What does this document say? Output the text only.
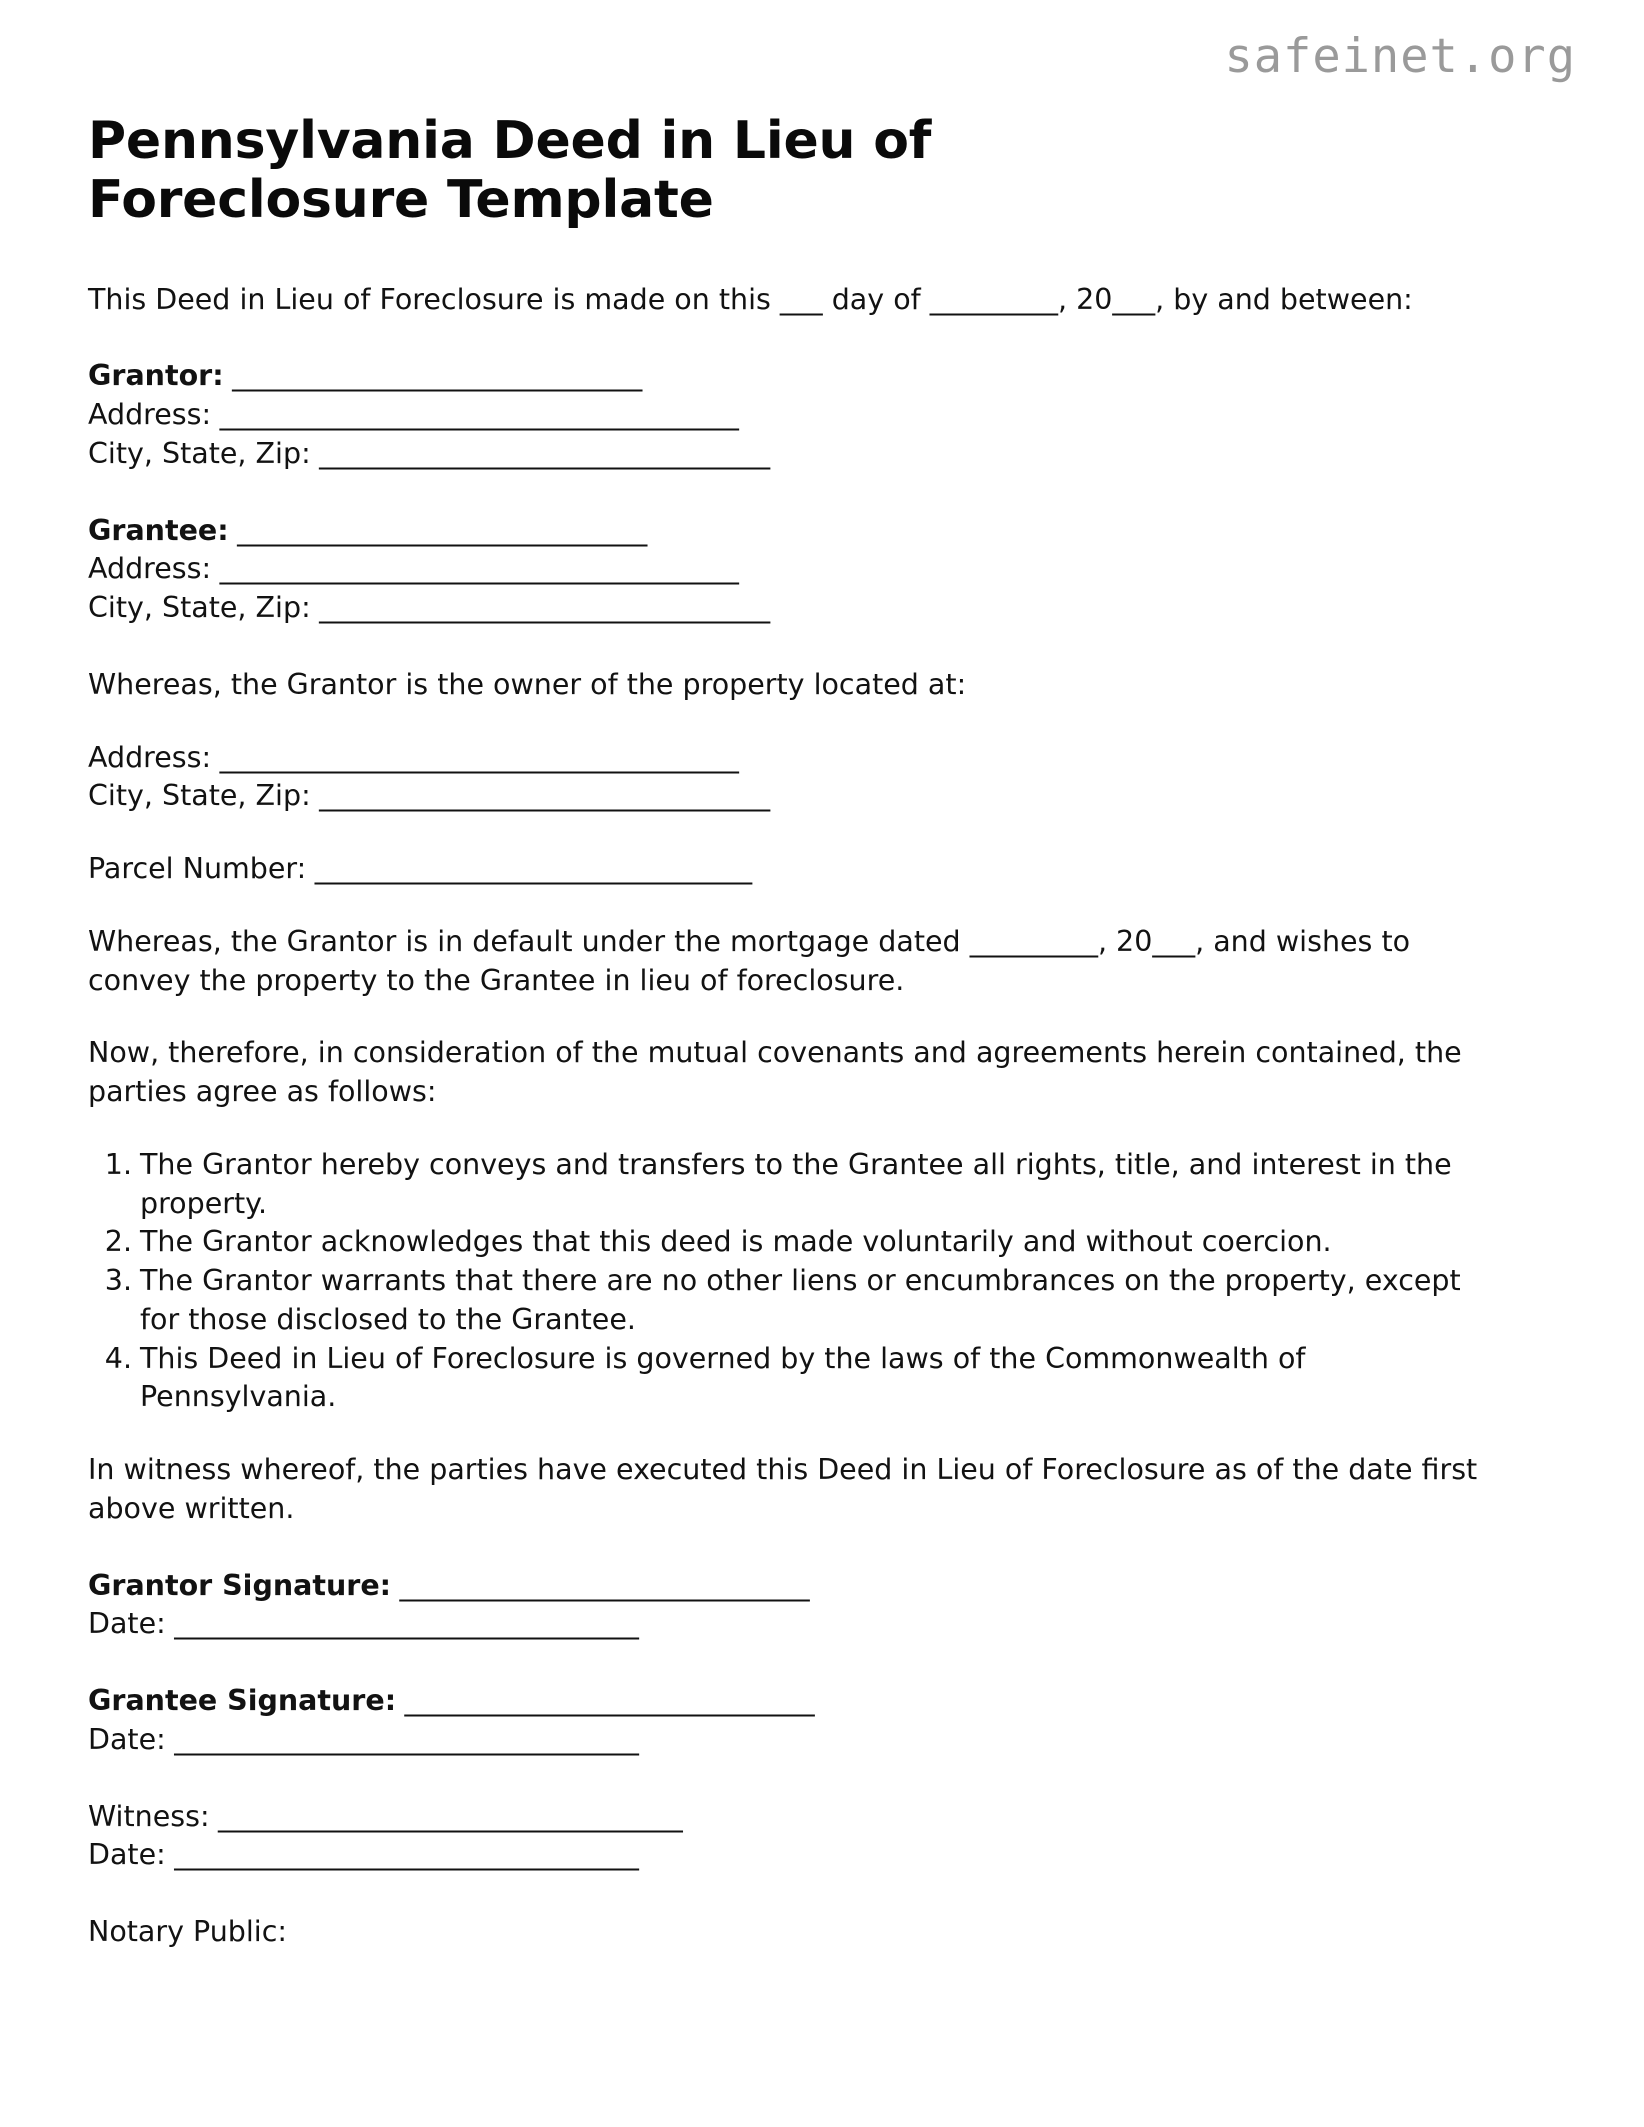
safeinet.org
Pennsylvania Deed in Lieu of Foreclosure Template

This Deed in Lieu of Foreclosure is made on this ___ day of _________, 20___, by and between:

Grantor: ______________________________
Address: ______________________________________
City, State, Zip: _________________________________
Grantee: ______________________________
Address: ______________________________________
City, State, Zip: _________________________________

Whereas, the Grantor is the owner of the property located at:

Address: ______________________________________
City, State, Zip: _________________________________
Parcel Number: ________________________________

Whereas, the Grantor is in default under the mortgage dated _________, 20___, and wishes to convey the property to the Grantee in lieu of foreclosure.

Now, therefore, in consideration of the mutual covenants and agreements herein contained, the parties agree as follows:

The Grantor hereby conveys and transfers to the Grantee all rights, title, and interest in the property.
The Grantor acknowledges that this deed is made voluntarily and without coercion.
The Grantor warrants that there are no other liens or encumbrances on the property, except for those disclosed to the Grantee.
This Deed in Lieu of Foreclosure is governed by the laws of the Commonwealth of Pennsylvania.

In witness whereof, the parties have executed this Deed in Lieu of Foreclosure as of the date first above written.

Grantor Signature: ______________________________
Date: __________________________________
Grantee Signature: ______________________________
Date: __________________________________
Witness: __________________________________
Date: __________________________________
Notary Public:
